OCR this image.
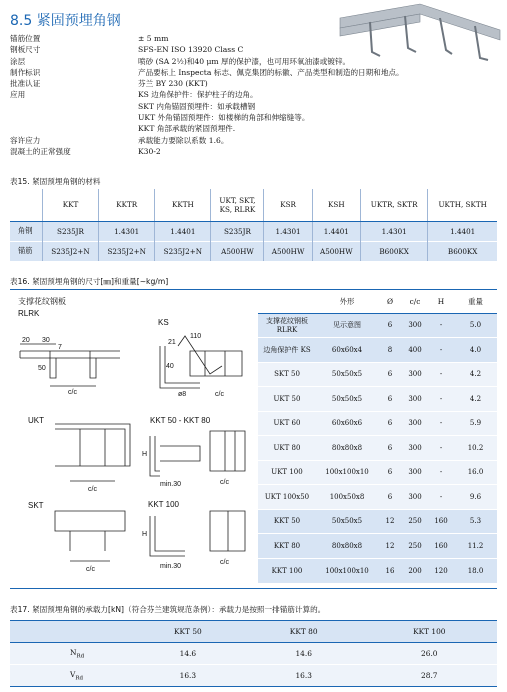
8.5 紧固预埋角钢
锚筋位置	± 5 mm
钢板尺寸	SFS-EN ISO 13920 Class C
涂层	喷砂 (SA 2½)和40 μm 厚的保护漆，也可用环氧油漆或镀锌。
制作标识	产品要标上 Inspecta 标志、佩克集团的标徽、产品类型和制造的日期和地点。
批准认证	芬兰 BY 230 (KKT)
应用	KS 边角保护件：保护柱子的边角。
SKT 内角锚固预埋件：如承载槽钢
UKT 外角锚固预埋件：如楼梯的角部和伸缩缝等。
KKT 角部承载的紧固预埋件.
容许应力	承载能力要除以系数 1.6。
混凝土的正常强度	K30-2
表15. 紧固预埋角钢的材料
	KKT	KKTR	KKTH	UKT, SKT,
KS, RLRK	KSR	KSH	UKTR, SKTR	UKTH, SKTH
角钢	S235JR	1.4301	1.4401	S235JR	1.4301	1.4401	1.4301	1.4401
锚筋	S235J2+N	S235J2+N	S235J2+N	A500HW	A500HW	A500HW	B600KX	B600KX
表16. 紧固预埋角钢的尺寸[㎜]和重量[~kg/m]
支撑花纹钢板
RLRK
KS
UKT	KKT 50 - KKT 80
SKT	KKT 100
20 30
7
50
c/c
21
110
40
ø8	c/c
c/c
H
min.30	c/c
c/c
H
min.30
c/c
	外形	Ø	c/c	H	重量
支撑花纹钢板 RLRK	见示意图	6	300	-	5.0
边角保护件 KS	60x60x4	8	400	-	4.0
SKT 50	50x50x5	6	300	-	4.2
UKT 50	50x50x5	6	300	-	4.2
UKT 60	60x60x6	6	300	-	5.9
UKT 80	80x80x8	6	300	-	10.2
UKT 100	100x100x10	6	300	-	16.0
UKT 100x50	100x50x8	6	300	-	9.6
KKT 50	50x50x5	12	250	160	5.3
KKT 80	80x80x8	12	250	160	11.2
KKT 100	100x100x10	16	200	120	18.0
表17. 紧固预埋角钢的承载力[kN]（符合芬兰建筑规范条例）：承载力是按照一排锚筋计算的。
	KKT 50	KKT 80	KKT 100
$N_{Rd}$	14.6	14.6	26.0
$V_{Rd}$	16.3	16.3	28.7
